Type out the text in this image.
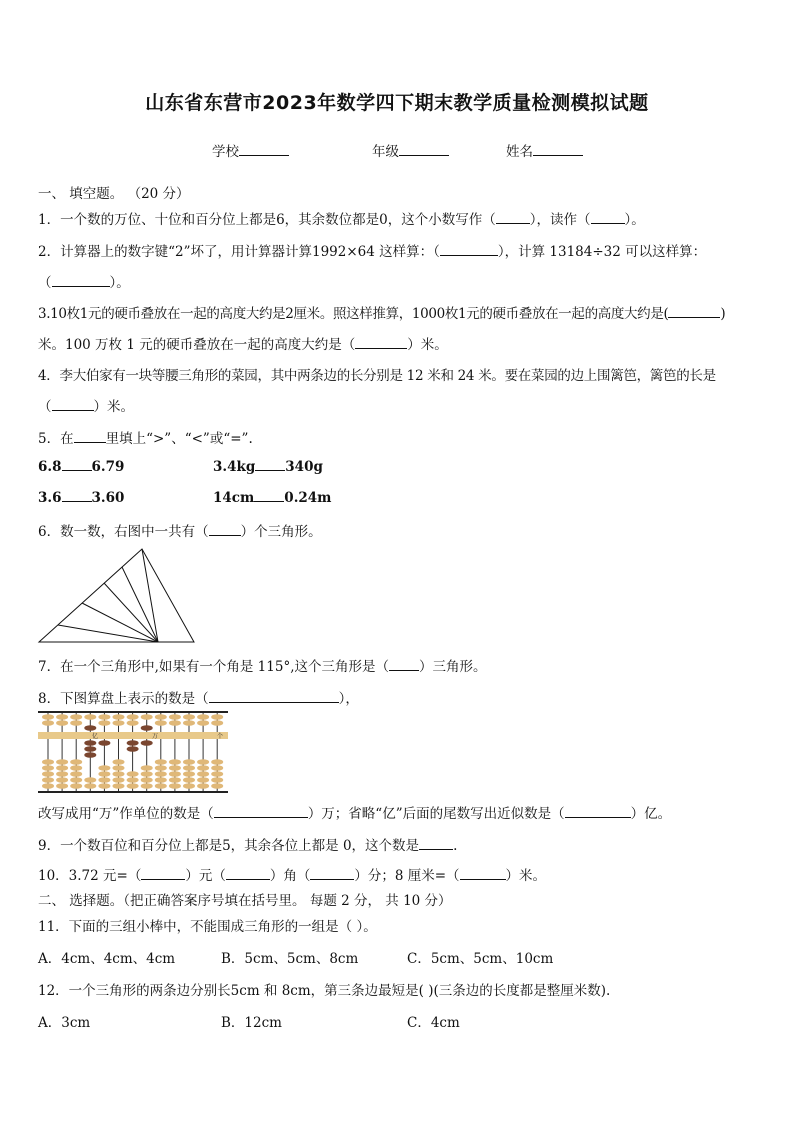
山东省东营市2023年数学四下期末教学质量检测模拟试题
学校	年级	姓名
一、 填空题。 （20 分）
1．一个数的万位、十位和百分位上都是6，其余数位都是0，这个小数写作（	），读作（	）。
2．计算器上的数字键“2”坏了，用计算器计算1992×64 这样算：（	），计算 13184÷32 可以这样算：
（	）。
3.10枚1元的硬币叠放在一起的高度大约是2厘米。照这样推算，1000枚1元的硬币叠放在一起的高度大约是(	)
米。100 万枚 1 元的硬币叠放在一起的高度大约是（	）米。
4．李大伯家有一块等腰三角形的菜园，其中两条边的长分别是 12 米和 24 米。要在菜园的边上围篱笆，篱笆的长是
（	）米。
5．在 里填上“>”、“<”或“=”.
6.8 6.79	3.4kg 340g
3.6 3.60	14cm 0.24m
6．数一数，右图中一共有（ ）个三角形。
7．在一个三角形中,如果有一个角是 115°,这个三角形是（ ）三角形。
8．下图算盘上表示的数是（	），
亿	万	个
改写成用“万”作单位的数是（	）万；省略“亿”后面的尾数写出近似数是（	）亿。
9．一个数百位和百分位上都是5，其余各位上都是 0，这个数是	.
10．3.72 元=（	）元（	）角（	）分；8 厘米=（	）米。
二、 选择题。（把正确答案序号填在括号里。 每题 2 分， 共 10 分）
11．下面的三组小棒中，不能围成三角形的一组是（ ）。
A．4cm、4cm、4cm	B．5cm、5cm、8cm	C．5cm、5cm、10cm
12．一个三角形的两条边分别长5cm 和 8cm，第三条边最短是( )(三条边的长度都是整厘米数).
A．3cm	B．12cm	C．4cm
